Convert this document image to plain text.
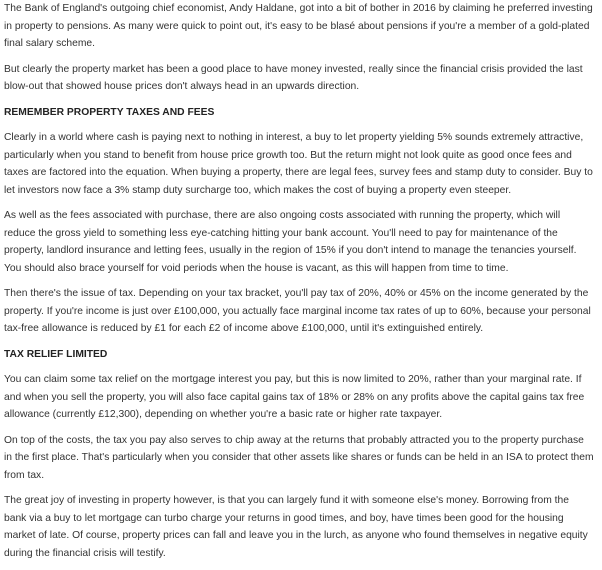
The Bank of England's outgoing chief economist, Andy Haldane, got into a bit of bother in 2016 by claiming he preferred investing in property to pensions. As many were quick to point out, it's easy to be blasé about pensions if you're a member of a gold-plated final salary scheme.

But clearly the property market has been a good place to have money invested, really since the financial crisis provided the last blow-out that showed house prices don't always head in an upwards direction.

REMEMBER PROPERTY TAXES AND FEES

Clearly in a world where cash is paying next to nothing in interest, a buy to let property yielding 5% sounds extremely attractive, particularly when you stand to benefit from house price growth too. But the return might not look quite as good once fees and taxes are factored into the equation. When buying a property, there are legal fees, survey fees and stamp duty to consider. Buy to let investors now face a 3% stamp duty surcharge too, which makes the cost of buying a property even steeper.

As well as the fees associated with purchase, there are also ongoing costs associated with running the property, which will reduce the gross yield to something less eye-catching hitting your bank account. You'll need to pay for maintenance of the property, landlord insurance and letting fees, usually in the region of 15% if you don't intend to manage the tenancies yourself. You should also brace yourself for void periods when the house is vacant, as this will happen from time to time.

Then there's the issue of tax. Depending on your tax bracket, you'll pay tax of 20%, 40% or 45% on the income generated by the property. If you're income is just over £100,000, you actually face marginal income tax rates of up to 60%, because your personal tax-free allowance is reduced by £1 for each £2 of income above £100,000, until it's extinguished entirely.

TAX RELIEF LIMITED

You can claim some tax relief on the mortgage interest you pay, but this is now limited to 20%, rather than your marginal rate. If and when you sell the property, you will also face capital gains tax of 18% or 28% on any profits above the capital gains tax free allowance (currently £12,300), depending on whether you're a basic rate or higher rate taxpayer.

On top of the costs, the tax you pay also serves to chip away at the returns that probably attracted you to the property purchase in the first place. That's particularly when you consider that other assets like shares or funds can be held in an ISA to protect them from tax.

The great joy of investing in property however, is that you can largely fund it with someone else's money. Borrowing from the bank via a buy to let mortgage can turbo charge your returns in good times, and boy, have times been good for the housing market of late. Of course, property prices can fall and leave you in the lurch, as anyone who found themselves in negative equity during the financial crisis will testify.
